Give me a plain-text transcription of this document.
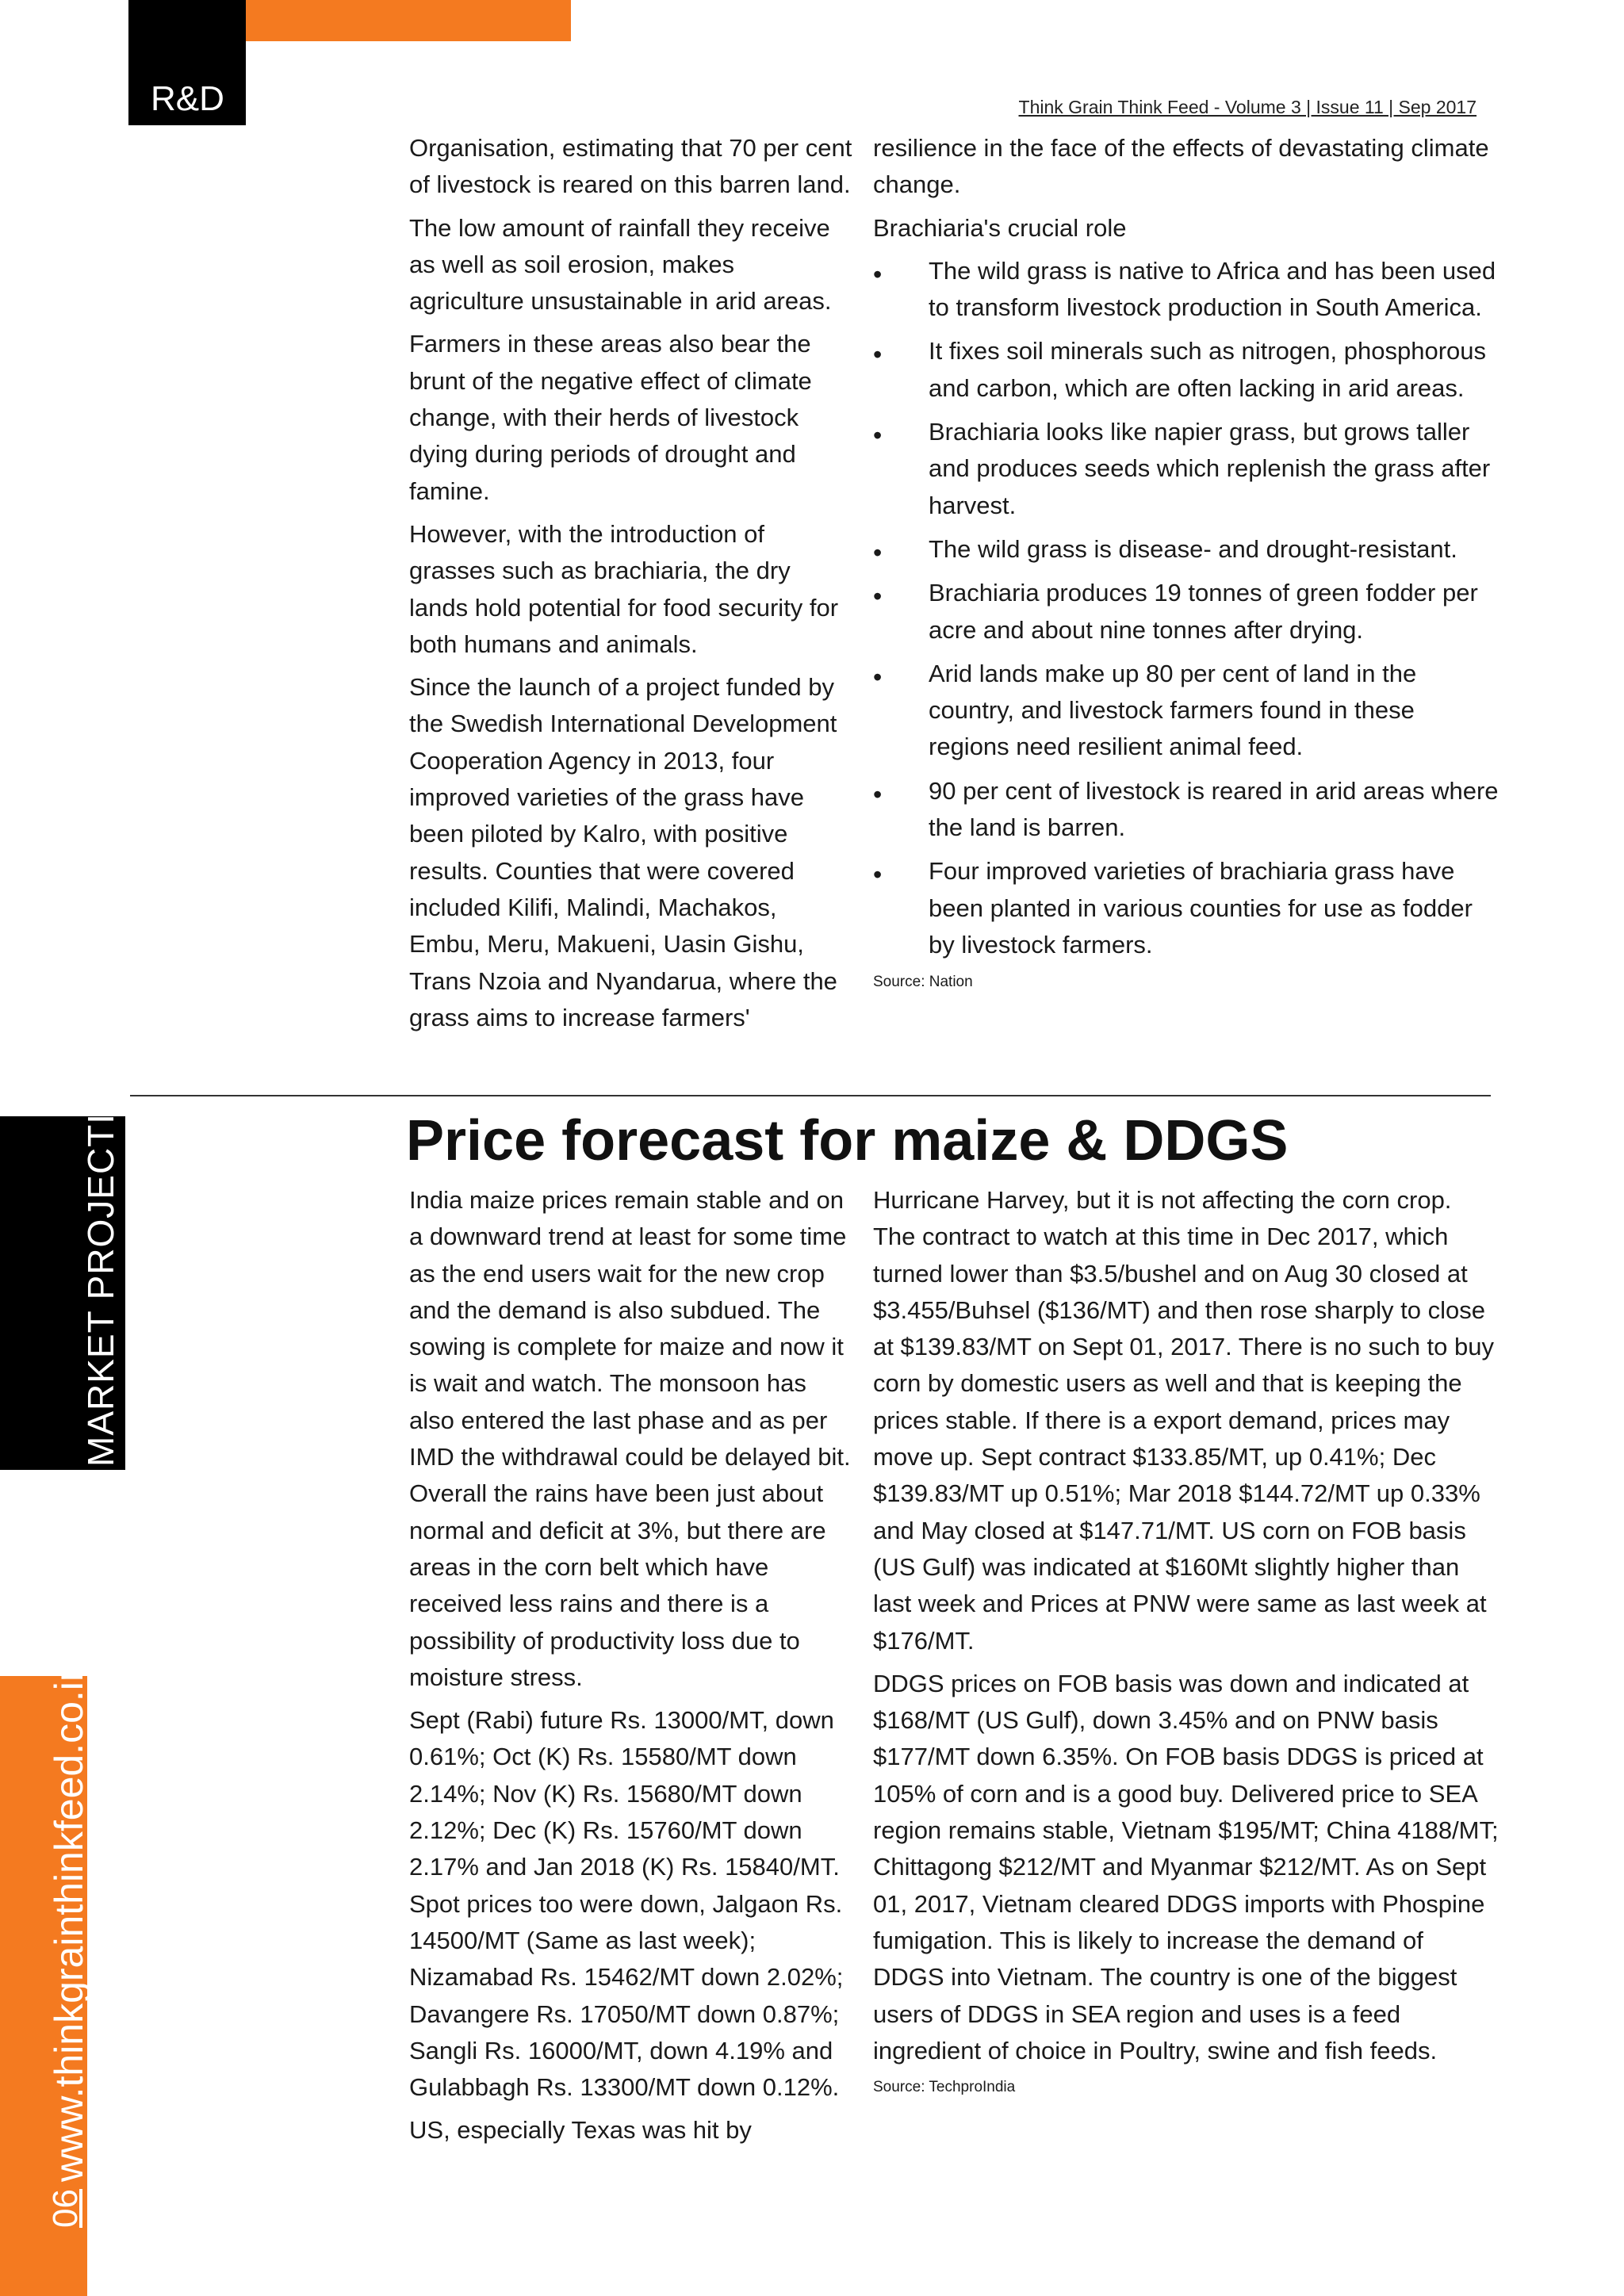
R&D	Think Grain Think Feed - Volume 3 | Issue 11 | Sep 2017
MARKET PROJECTION
www.thinkgrainthinkfeed.co.in
06

Organisation, estimating that 70 per cent of livestock is reared on this barren land.

The low amount of rainfall they receive as well as soil erosion, makes agriculture unsustainable in arid areas.

Farmers in these areas also bear the brunt of the negative effect of climate change, with their herds of livestock dying during periods of drought and famine.

However, with the introduction of grasses such as brachiaria, the dry lands hold potential for food security for both humans and animals.

Since the launch of a project funded by the Swedish International Development Cooperation Agency in 2013, four improved varieties of the grass have been piloted by Kalro, with positive results. Counties that were covered included Kilifi, Malindi, Machakos, Embu, Meru, Makueni, Uasin Gishu, Trans Nzoia and Nyandarua, where the grass aims to increase farmers'

resilience in the face of the effects of devastating climate change.

Brachiaria's crucial role

• The wild grass is native to Africa and has been used to transform livestock production in South America.
• It fixes soil minerals such as nitrogen, phosphorous and carbon, which are often lacking in arid areas.
• Brachiaria looks like napier grass, but grows taller and produces seeds which replenish the grass after harvest.
• The wild grass is disease- and drought-resistant.
• Brachiaria produces 19 tonnes of green fodder per acre and about nine tonnes after drying.
• Arid lands make up 80 per cent of land in the country, and livestock farmers found in these regions need resilient animal feed.
• 90 per cent of livestock is reared in arid areas where the land is barren.
• Four improved varieties of brachiaria grass have been planted in various counties for use as fodder by livestock farmers.
Source: Nation
Price forecast for maize & DDGS

India maize prices remain stable and on a downward trend at least for some time as the end users wait for the new crop and the demand is also subdued. The sowing is complete for maize and now it is wait and watch. The monsoon has also entered the last phase and as per IMD the withdrawal could be delayed bit. Overall the rains have been just about normal and deficit at 3%, but there are areas in the corn belt which have received less rains and there is a possibility of productivity loss due to moisture stress.

Sept (Rabi) future Rs. 13000/MT, down 0.61%; Oct (K) Rs. 15580/MT down 2.14%; Nov (K) Rs. 15680/MT down 2.12%; Dec (K) Rs. 15760/MT down 2.17% and Jan 2018 (K) Rs. 15840/MT. Spot prices too were down, Jalgaon Rs. 14500/MT (Same as last week); Nizamabad Rs. 15462/MT down 2.02%; Davangere Rs. 17050/MT down 0.87%; Sangli Rs. 16000/MT, down 4.19% and Gulabbagh Rs. 13300/MT down 0.12%.

US, especially Texas was hit by

Hurricane Harvey, but it is not affecting the corn crop. The contract to watch at this time in Dec 2017, which turned lower than $3.5/bushel and on Aug 30 closed at $3.455/Buhsel ($136/MT) and then rose sharply to close at $139.83/MT on Sept 01, 2017. There is no such to buy corn by domestic users as well and that is keeping the prices stable. If there is a export demand, prices may move up. Sept contract $133.85/MT, up 0.41%; Dec $139.83/MT up 0.51%; Mar 2018 $144.72/MT up 0.33% and May closed at $147.71/MT. US corn on FOB basis (US Gulf) was indicated at $160Mt slightly higher than last week and Prices at PNW were same as last week at $176/MT.

DDGS prices on FOB basis was down and indicated at $168/MT (US Gulf), down 3.45% and on PNW basis $177/MT down 6.35%. On FOB basis DDGS is priced at 105% of corn and is a good buy. Delivered price to SEA region remains stable, Vietnam $195/MT; China 4188/MT; Chittagong $212/MT and Myanmar $212/MT. As on Sept 01, 2017, Vietnam cleared DDGS imports with Phospine fumigation. This is likely to increase the demand of DDGS into Vietnam. The country is one of the biggest users of DDGS in SEA region and uses is a feed ingredient of choice in Poultry, swine and fish feeds.

Source: TechproIndia
